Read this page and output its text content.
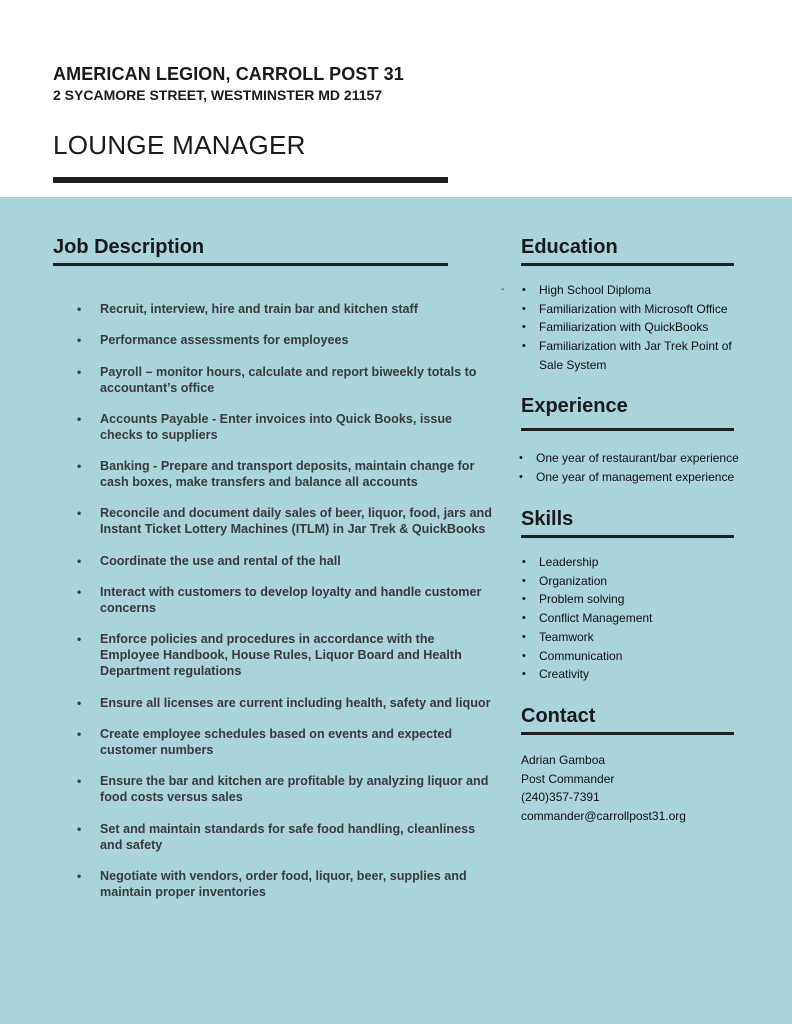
AMERICAN LEGION, CARROLL POST 31

2 SYCAMORE STREET, WESTMINSTER MD 21157

LOUNGE MANAGER
Job Description
• Recruit, interview, hire and train bar and kitchen staff
• Performance assessments for employees
• Payroll – monitor hours, calculate and report biweekly totals to accountant’s office
• Accounts Payable - Enter invoices into Quick Books, issue checks to suppliers
• Banking - Prepare and transport deposits, maintain change for cash boxes, make transfers and balance all accounts
• Reconcile and document daily sales of beer, liquor, food, jars and Instant Ticket Lottery Machines (ITLM) in Jar Trek & QuickBooks
• Coordinate the use and rental of the hall
• Interact with customers to develop loyalty and handle customer concerns
• Enforce policies and procedures in accordance with the Employee Handbook, House Rules, Liquor Board and Health Department regulations
• Ensure all licenses are current including health, safety and liquor
• Create employee schedules based on events and expected customer numbers
• Ensure the bar and kitchen are profitable by analyzing liquor and food costs versus sales
• Set and maintain standards for safe food handling, cleanliness and safety
• Negotiate with vendors, order food, liquor, beer, supplies and maintain proper inventories
Education
-
•	High School Diploma
• Familiarization with Microsoft Office
• Familiarization with QuickBooks
• Familiarization with Jar Trek Point of Sale System
Experience
• One year of restaurant/bar experience
• One year of management experience
Skills
• Leadership
• Organization
• Problem solving
• Conflict Management
• Teamwork
• Communication
• Creativity
Contact
Adrian Gamboa
Post Commander
(240)357-7391
commander@carrollpost31.org
